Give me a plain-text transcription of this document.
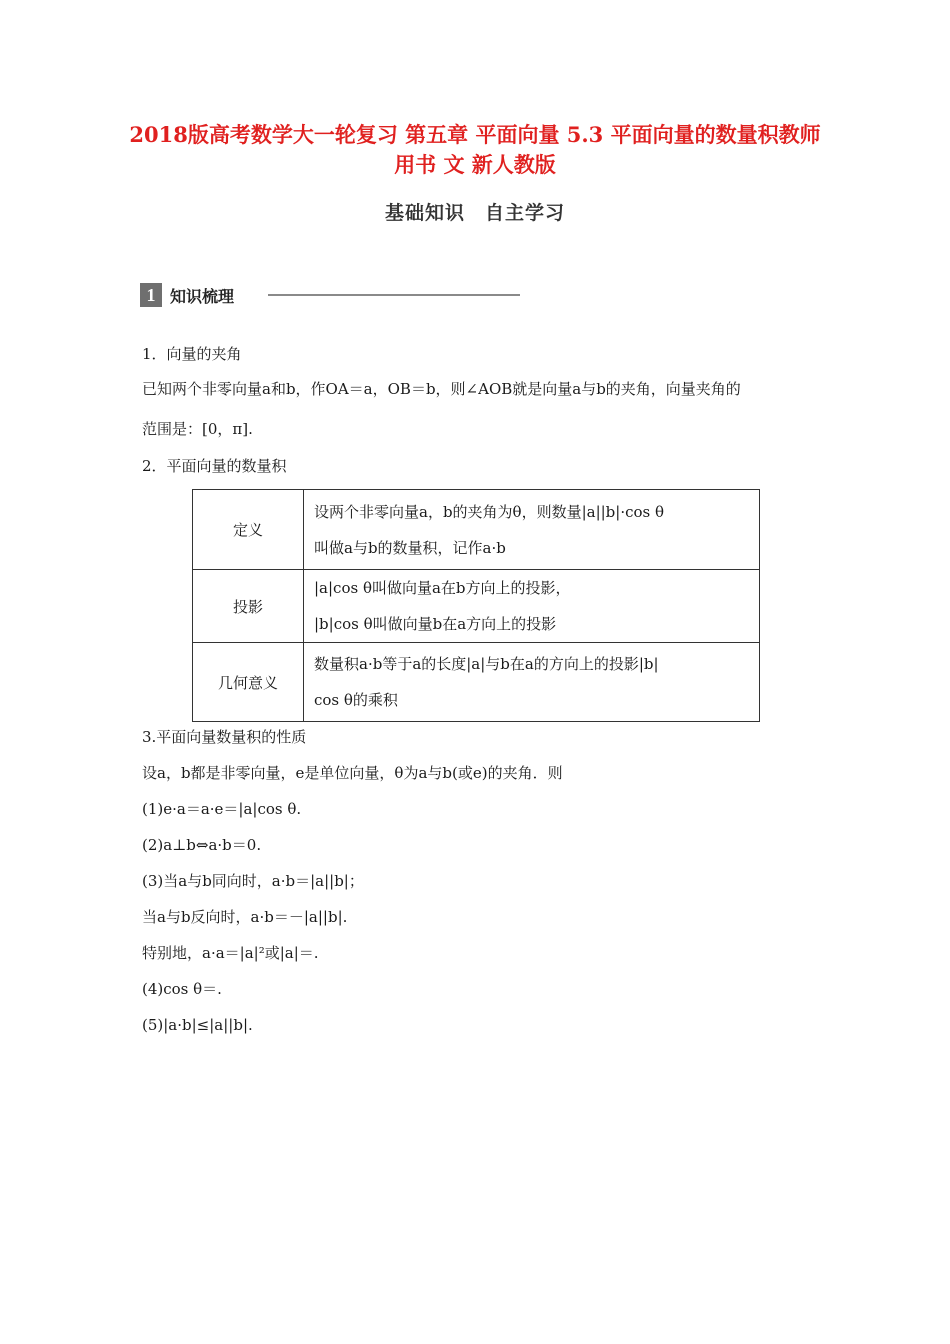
2018版高考数学大一轮复习 第五章 平面向量 5.3 平面向量的数量积教师用书 文 新人教版
基础知识　自主学习
1 知识梳理
1．向量的夹角
已知两个非零向量a和b，作OA＝a，OB＝b，则∠AOB就是向量a与b的夹角，向量夹角的
范围是：[0，π].
2．平面向量的数量积
定义	设两个非零向量a，b的夹角为θ，则数量|a||b|·cos θ
叫做a与b的数量积，记作a·b

投影	|a|cos θ叫做向量a在b方向上的投影，
|b|cos θ叫做向量b在a方向上的投影

几何意义	数量积a·b等于a的长度|a|与b在a的方向上的投影|b|
cos θ的乘积
3.平面向量数量积的性质
设a，b都是非零向量，e是单位向量，θ为a与b(或e)的夹角．则
(1)e·a＝a·e＝|a|cos θ.
(2)a⊥b⇔a·b＝0.
(3)当a与b同向时，a·b＝|a||b|；
当a与b反向时，a·b＝－|a||b|.
特别地，a·a＝|a|²或|a|＝.
(4)cos θ＝.
(5)|a·b|≤|a||b|.
